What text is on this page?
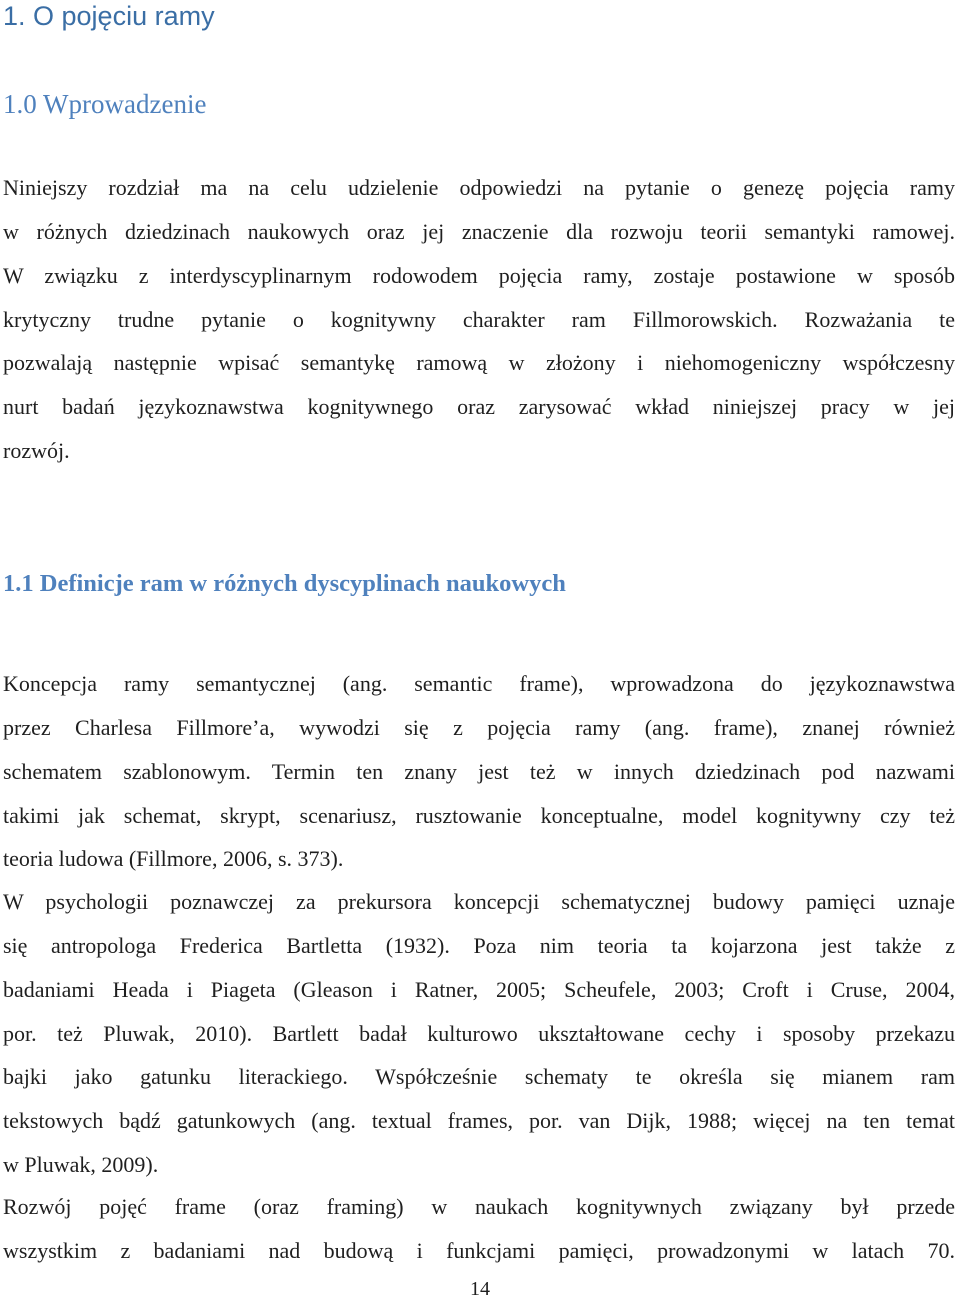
1. O pojęciu ramy
1.0 Wprowadzenie
Niniejszy rozdział ma na celu udzielenie odpowiedzi na pytanie o genezę pojęcia ramy
w różnych dziedzinach naukowych oraz jej znaczenie dla rozwoju teorii semantyki ramowej.
W związku z interdyscyplinarnym rodowodem pojęcia ramy, zostaje postawione w sposób
krytyczny trudne pytanie o kognitywny charakter ram Fillmorowskich. Rozważania te
pozwalają następnie wpisać semantykę ramową w złożony i niehomogeniczny współczesny
nurt badań językoznawstwa kognitywnego oraz zarysować wkład niniejszej pracy w jej
rozwój.
1.1 Definicje ram w różnych dyscyplinach naukowych
Koncepcja ramy semantycznej (ang. semantic frame), wprowadzona do językoznawstwa
przez Charlesa Fillmore’a, wywodzi się z pojęcia ramy (ang. frame), znanej również
schematem szablonowym. Termin ten znany jest też w innych dziedzinach pod nazwami
takimi jak schemat, skrypt, scenariusz, rusztowanie konceptualne, model kognitywny czy też
teoria ludowa (Fillmore, 2006, s. 373).
W psychologii poznawczej za prekursora koncepcji schematycznej budowy pamięci uznaje
się antropologa Frederica Bartletta (1932). Poza nim teoria ta kojarzona jest także z
badaniami Heada i Piageta (Gleason i Ratner, 2005; Scheufele, 2003; Croft i Cruse, 2004,
por. też Pluwak, 2010). Bartlett badał kulturowo ukształtowane cechy i sposoby przekazu
bajki jako gatunku literackiego. Współcześnie schematy te określa się mianem ram
tekstowych bądź gatunkowych (ang. textual frames, por. van Dijk, 1988; więcej na ten temat
w Pluwak, 2009).
Rozwój pojęć frame (oraz framing) w naukach kognitywnych związany był przede
wszystkim z badaniami nad budową i funkcjami pamięci, prowadzonymi w latach 70.
14
